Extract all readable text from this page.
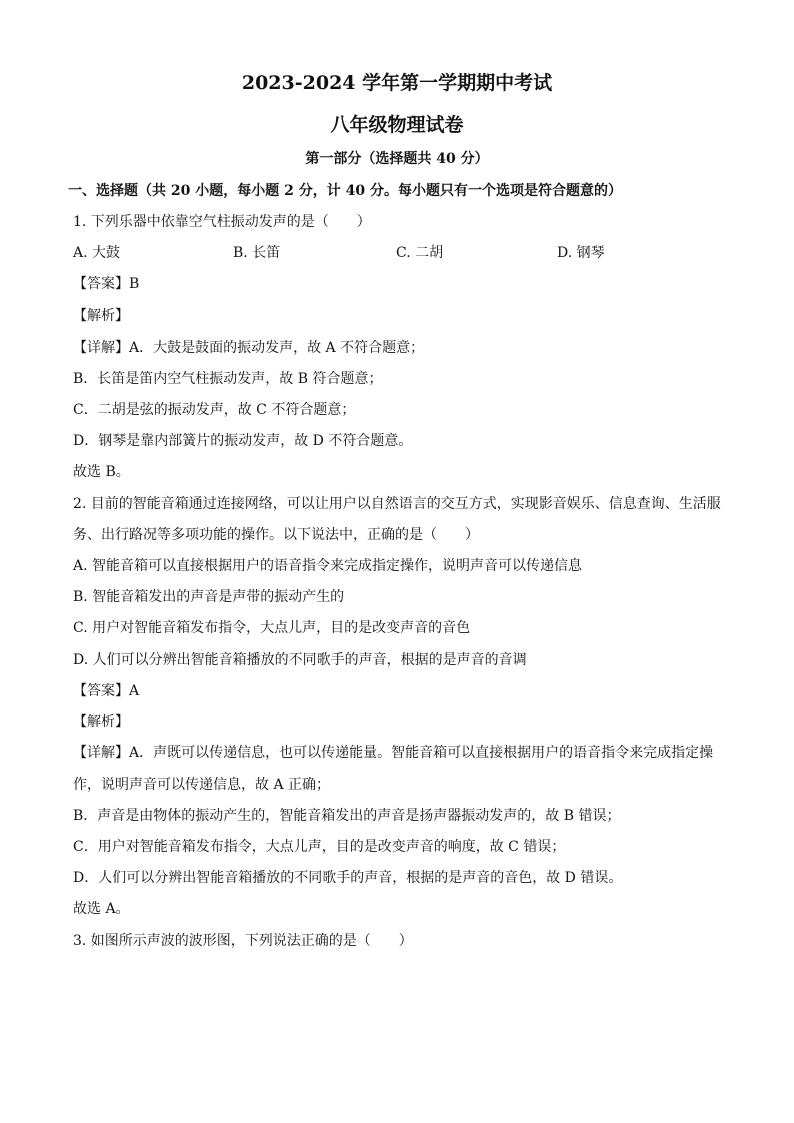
2023-2024 学年第一学期期中考试
八年级物理试卷
第一部分（选择题共 40 分）
一、选择题（共 20 小题，每小题 2 分，计 40 分。每小题只有一个选项是符合题意的）
1. 下列乐器中依靠空气柱振动发声的是（　　）
A. 大鼓	B. 长笛	C. 二胡	D. 钢琴
【答案】B
【解析】
【详解】A．大鼓是鼓面的振动发声，故 A 不符合题意；
B．长笛是笛内空气柱振动发声，故 B 符合题意；
C．二胡是弦的振动发声，故 C 不符合题意；
D．钢琴是靠内部簧片的振动发声，故 D 不符合题意。
故选 B。
2. 目前的智能音箱通过连接网络，可以让用户以自然语言的交互方式，实现影音娱乐、信息查询、生活服
务、出行路况等多项功能的操作。以下说法中，正确的是（　　）
A. 智能音箱可以直接根据用户的语音指令来完成指定操作，说明声音可以传递信息
B. 智能音箱发出的声音是声带的振动产生的
C. 用户对智能音箱发布指令，大点儿声，目的是改变声音的音色
D. 人们可以分辨出智能音箱播放的不同歌手的声音，根据的是声音的音调
【答案】A
【解析】
【详解】A．声既可以传递信息，也可以传递能量。智能音箱可以直接根据用户的语音指令来完成指定操
作，说明声音可以传递信息，故 A 正确；
B．声音是由物体的振动产生的，智能音箱发出的声音是扬声器振动发声的，故 B 错误；
C．用户对智能音箱发布指令，大点儿声，目的是改变声音的响度，故 C 错误；
D．人们可以分辨出智能音箱播放的不同歌手的声音，根据的是声音的音色，故 D 错误。
故选 A。
3. 如图所示声波的波形图，下列说法正确的是（　　）
